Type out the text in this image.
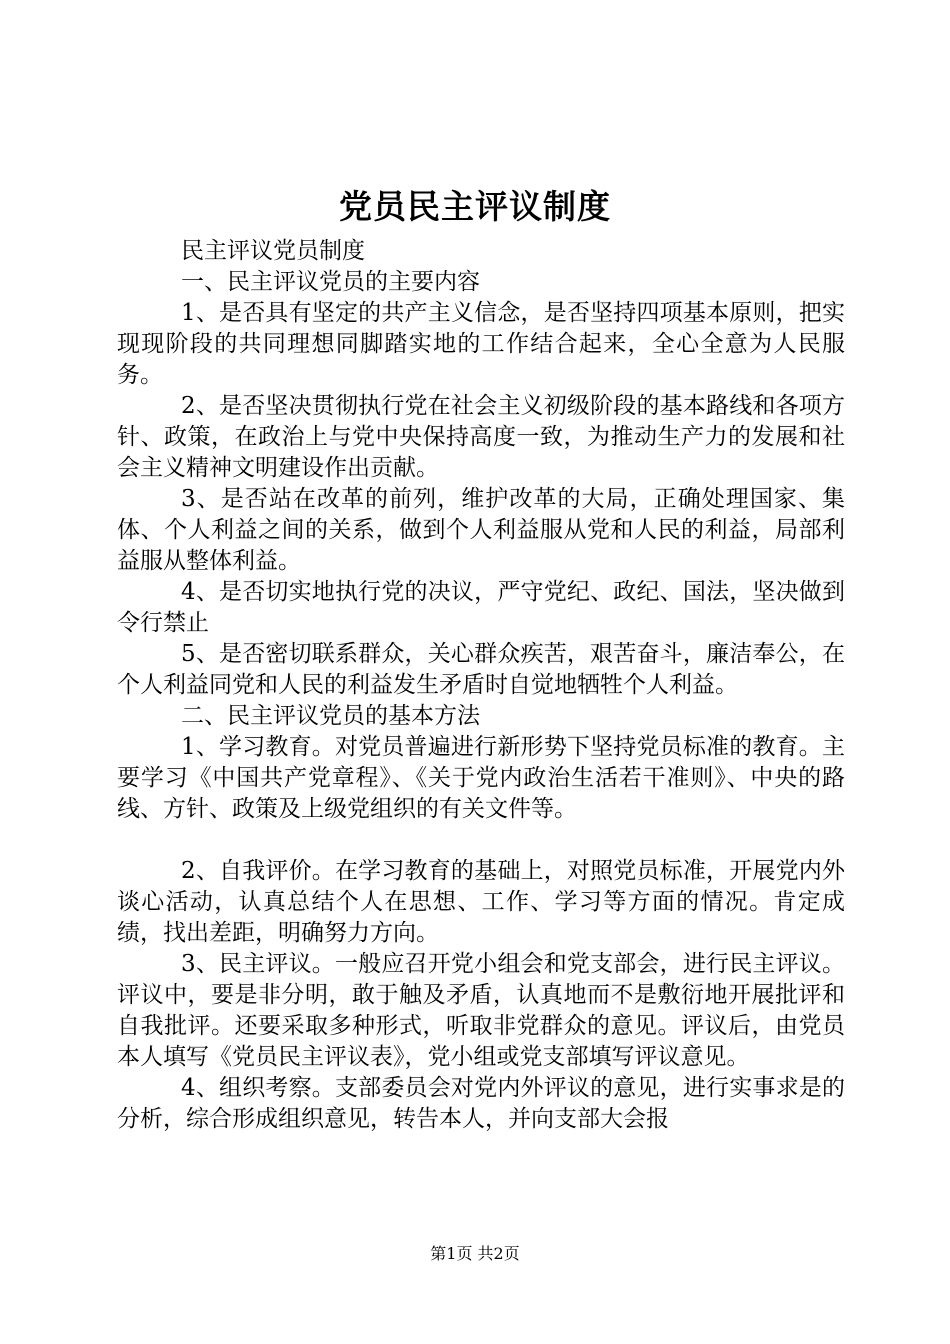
党员民主评议制度

民主评议党员制度

一、民主评议党员的主要内容

1、是否具有坚定的共产主义信念，是否坚持四项基本原则，把实现现阶段的共同理想同脚踏实地的工作结合起来，全心全意为人民服务。

2、是否坚决贯彻执行党在社会主义初级阶段的基本路线和各项方针、政策，在政治上与党中央保持高度一致，为推动生产力的发展和社会主义精神文明建设作出贡献。

3、是否站在改革的前列，维护改革的大局，正确处理国家、集体、个人利益之间的关系，做到个人利益服从党和人民的利益，局部利益服从整体利益。

4、是否切实地执行党的决议，严守党纪、政纪、国法，坚决做到令行禁止

5、是否密切联系群众，关心群众疾苦，艰苦奋斗，廉洁奉公，在个人利益同党和人民的利益发生矛盾时自觉地牺牲个人利益。

二、民主评议党员的基本方法

1、学习教育。对党员普遍进行新形势下坚持党员标准的教育。主要学习《中国共产党章程》、《关于党内政治生活若干准则》、中央的路线、方针、政策及上级党组织的有关文件等。

2、自我评价。在学习教育的基础上，对照党员标准，开展党内外谈心活动，认真总结个人在思想、工作、学习等方面的情况。肯定成绩，找出差距，明确努力方向。

3、民主评议。一般应召开党小组会和党支部会，进行民主评议。评议中，要是非分明，敢于触及矛盾，认真地而不是敷衍地开展批评和自我批评。还要采取多种形式，听取非党群众的意见。评议后，由党员本人填写《党员民主评议表》，党小组或党支部填写评议意见。

4、组织考察。支部委员会对党内外评议的意见，进行实事求是的分析，综合形成组织意见，转告本人，并向支部大会报

第1页 共2页
